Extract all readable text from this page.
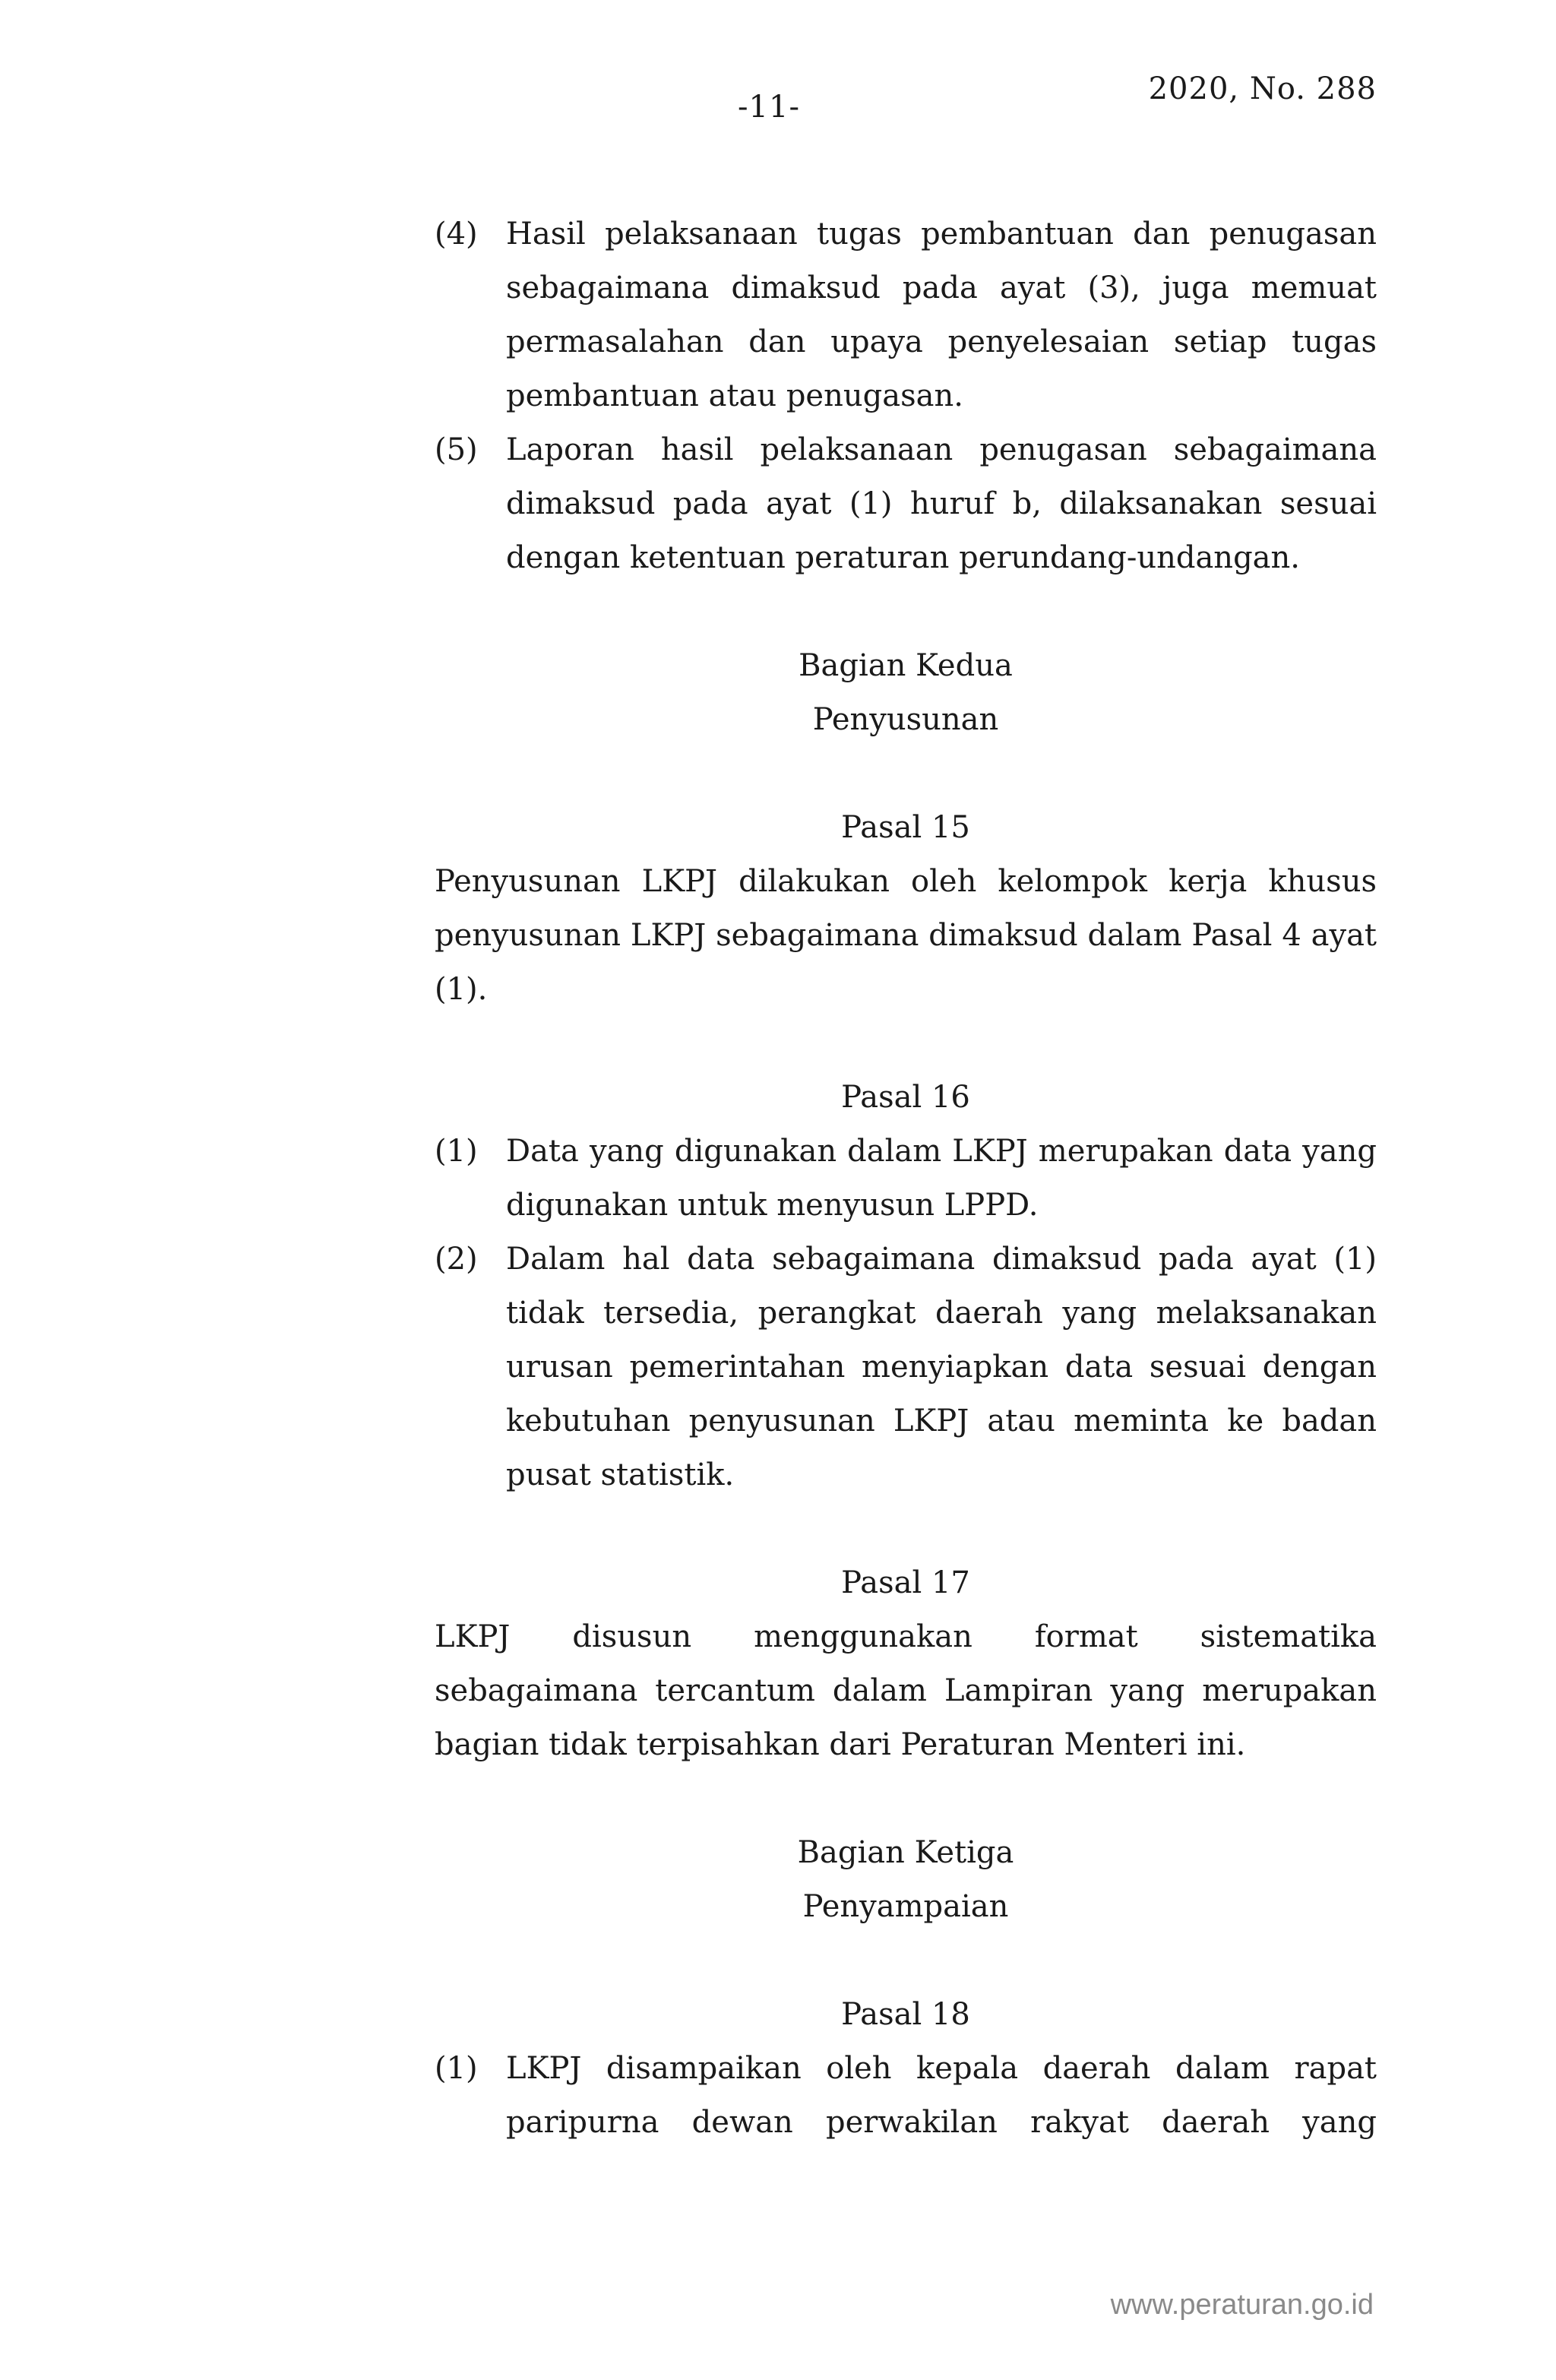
-11-
2020, No. 288
(4) Hasil pelaksanaan tugas pembantuan dan penugasan sebagaimana dimaksud pada ayat (3), juga memuat permasalahan dan upaya penyelesaian setiap tugas pembantuan atau penugasan.
(5) Laporan hasil pelaksanaan penugasan sebagaimana dimaksud pada ayat (1) huruf b, dilaksanakan sesuai dengan ketentuan peraturan perundang-undangan.
Bagian Kedua
Penyusunan
Pasal 15
Penyusunan LKPJ dilakukan oleh kelompok kerja khusus penyusunan LKPJ sebagaimana dimaksud dalam Pasal 4 ayat (1).
Pasal 16
(1) Data yang digunakan dalam LKPJ merupakan data yang digunakan untuk menyusun LPPD.
(2) Dalam hal data sebagaimana dimaksud pada ayat (1) tidak tersedia, perangkat daerah yang melaksanakan urusan pemerintahan menyiapkan data sesuai dengan kebutuhan penyusunan LKPJ atau meminta ke badan pusat statistik.
Pasal 17
LKPJ disusun menggunakan format sistematika sebagaimana tercantum dalam Lampiran yang merupakan bagian tidak terpisahkan dari Peraturan Menteri ini.
Bagian Ketiga
Penyampaian
Pasal 18
(1) LKPJ disampaikan oleh kepala daerah dalam rapat paripurna dewan perwakilan rakyat daerah yang
www.peraturan.go.id
